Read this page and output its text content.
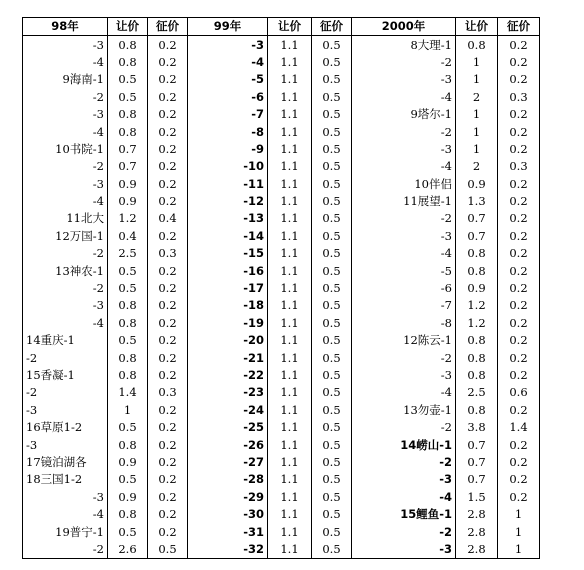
98年	让价	征价	99年	让价	征价	2000年	让价	征价
-3	0.8	0.2	-3	1.1	0.5	8大理-1	0.8	0.2
-4	0.8	0.2	-4	1.1	0.5	-2	1	0.2
9海南-1	0.5	0.2	-5	1.1	0.5	-3	1	0.2
-2	0.5	0.2	-6	1.1	0.5	-4	2	0.3
-3	0.8	0.2	-7	1.1	0.5	9塔尔-1	1	0.2
-4	0.8	0.2	-8	1.1	0.5	-2	1	0.2
10书院-1	0.7	0.2	-9	1.1	0.5	-3	1	0.2
-2	0.7	0.2	-10	1.1	0.5	-4	2	0.3
-3	0.9	0.2	-11	1.1	0.5	10伴侣	0.9	0.2
-4	0.9	0.2	-12	1.1	0.5	11展望-1	1.3	0.2
11北大	1.2	0.4	-13	1.1	0.5	-2	0.7	0.2
12万国-1	0.4	0.2	-14	1.1	0.5	-3	0.7	0.2
-2	2.5	0.3	-15	1.1	0.5	-4	0.8	0.2
13神农-1	0.5	0.2	-16	1.1	0.5	-5	0.8	0.2
-2	0.5	0.2	-17	1.1	0.5	-6	0.9	0.2
-3	0.8	0.2	-18	1.1	0.5	-7	1.2	0.2
-4	0.8	0.2	-19	1.1	0.5	-8	1.2	0.2
14重庆-1	0.5	0.2	-20	1.1	0.5	12陈云-1	0.8	0.2
-2	0.8	0.2	-21	1.1	0.5	-2	0.8	0.2
15香凝-1	0.8	0.2	-22	1.1	0.5	-3	0.8	0.2
-2	1.4	0.3	-23	1.1	0.5	-4	2.5	0.6
-3	1	0.2	-24	1.1	0.5	13勿壶-1	0.8	0.2
16草原1-2	0.5	0.2	-25	1.1	0.5	-2	3.8	1.4
-3	0.8	0.2	-26	1.1	0.5	14崂山-1	0.7	0.2
17镜泊湖各	0.9	0.2	-27	1.1	0.5	-2	0.7	0.2
18三国1-2	0.5	0.2	-28	1.1	0.5	-3	0.7	0.2
-3	0.9	0.2	-29	1.1	0.5	-4	1.5	0.2
-4	0.8	0.2	-30	1.1	0.5	15鲤鱼-1	2.8	1
19普宁-1	0.5	0.2	-31	1.1	0.5	-2	2.8	1
-2	2.6	0.5	-32	1.1	0.5	-3	2.8	1
